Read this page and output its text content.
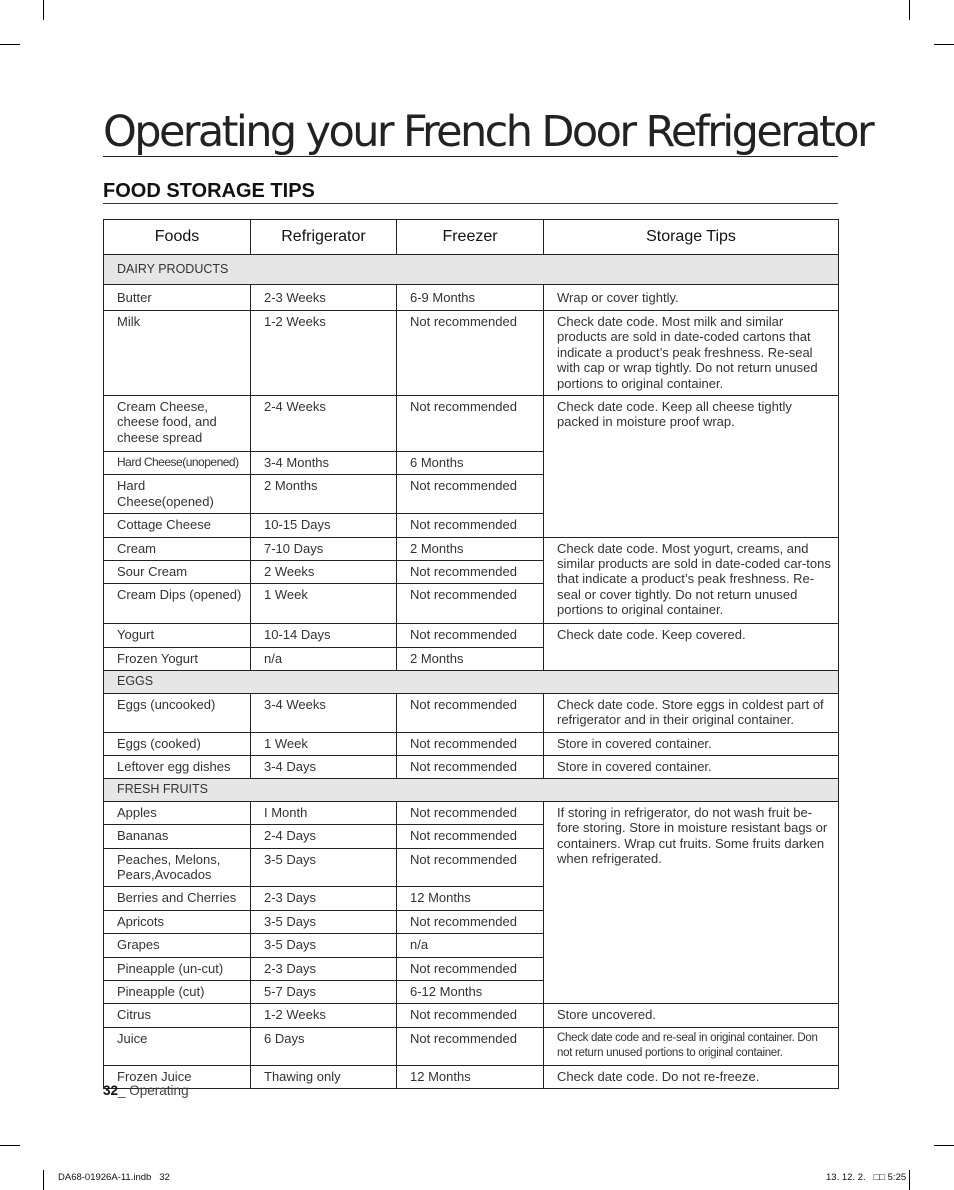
Operating your French Door Refrigerator
FOOD STORAGE TIPS
Foods	Refrigerator	Freezer	Storage Tips
DAIRY PRODUCTS			
Butter	2-3 Weeks	6-9 Months	Wrap or cover tightly.
Milk	1-2 Weeks	Not recommended	Check date code. Most milk and similar products are sold in date-coded cartons that indicate a product’s peak freshness. Re-seal with cap or wrap tightly. Do not return unused portions to original container.
Cream Cheese, cheese food, and cheese spread	2-4 Weeks	Not recommended	Check date code. Keep all cheese tightly packed in moisture proof wrap.
Hard Cheese(unopened)	3-4 Months	6 Months	
Hard Cheese(opened)	2 Months	Not recommended	
Cottage Cheese	10-15 Days	Not recommended	
Cream	7-10 Days	2 Months	Check date code. Most yogurt, creams, and similar products are sold in date-coded car-tons that indicate a product’s peak freshness. Re-seal or cover tightly. Do not return unused portions to original container.
Sour Cream	2 Weeks	Not recommended	
Cream Dips (opened)	1 Week	Not recommended	
Yogurt	10-14 Days	Not recommended	Check date code. Keep covered.
Frozen Yogurt	n/a	2 Months	
EGGS			
Eggs (uncooked)	3-4 Weeks	Not recommended	Check date code. Store eggs in coldest part of refrigerator and in their original container.
Eggs (cooked)	1 Week	Not recommended	Store in covered container.
Leftover egg dishes	3-4 Days	Not recommended	Store in covered container.
FRESH FRUITS			
Apples	I Month	Not recommended	If storing in refrigerator, do not wash fruit be-fore storing. Store in moisture resistant bags or containers. Wrap cut fruits. Some fruits darken when refrigerated.
Bananas	2-4 Days	Not recommended	
Peaches, Melons, Pears,Avocados	3-5 Days	Not recommended	
Berries and Cherries	2-3 Days	12 Months	
Apricots	3-5 Days	Not recommended	
Grapes	3-5 Days	n/a	
Pineapple (un-cut)	2-3 Days	Not recommended	
Pineapple (cut)	5-7 Days	6-12 Months	
Citrus	1-2 Weeks	Not recommended	Store uncovered.
Juice	6 Days	Not recommended	Check date code and re-seal in original container. Don not return unused portions to original container.
Frozen Juice	Thawing only	12 Months	Check date code. Do not re-freeze.
32_ Operating
DA68-01926A-11.indb   32	13. 12. 2.   □□ 5:25
